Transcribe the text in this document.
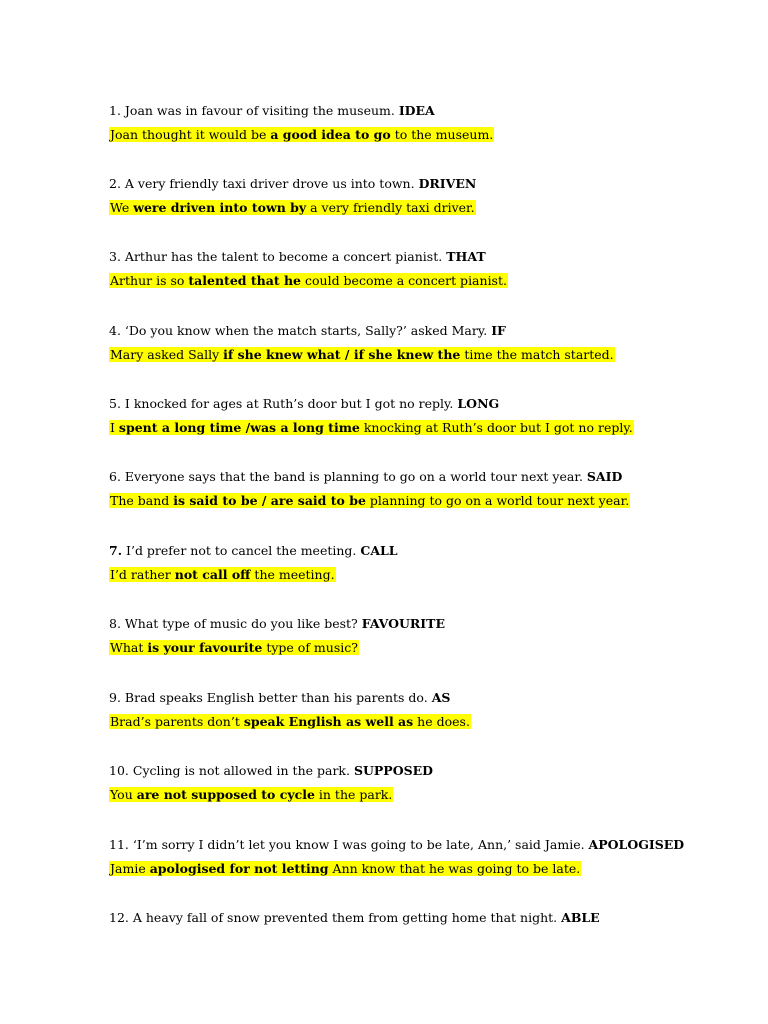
1. Joan was in favour of visiting the museum. IDEA

Joan thought it would be a good idea to go to the museum.

2. A very friendly taxi driver drove us into town. DRIVEN

We were driven into town by a very friendly taxi driver.

3. Arthur has the talent to become a concert pianist. THAT

Arthur is so talented that he could become a concert pianist.

4. ‘Do you know when the match starts, Sally?’ asked Mary. IF

Mary asked Sally if she knew what / if she knew the time the match started.

5. I knocked for ages at Ruth’s door but I got no reply. LONG

I spent a long time /was a long time knocking at Ruth’s door but I got no reply.

6. Everyone says that the band is planning to go on a world tour next year. SAID

The band is said to be / are said to be planning to go on a world tour next year.

7. I’d prefer not to cancel the meeting. CALL

I’d rather not call off the meeting.

8. What type of music do you like best? FAVOURITE

What is your favourite type of music?

9. Brad speaks English better than his parents do. AS

Brad’s parents don’t speak English as well as he does.

10. Cycling is not allowed in the park. SUPPOSED

You are not supposed to cycle in the park.

11. ‘I’m sorry I didn’t let you know I was going to be late, Ann,’ said Jamie. APOLOGISED

Jamie apologised for not letting Ann know that he was going to be late.

12. A heavy fall of snow prevented them from getting home that night. ABLE
